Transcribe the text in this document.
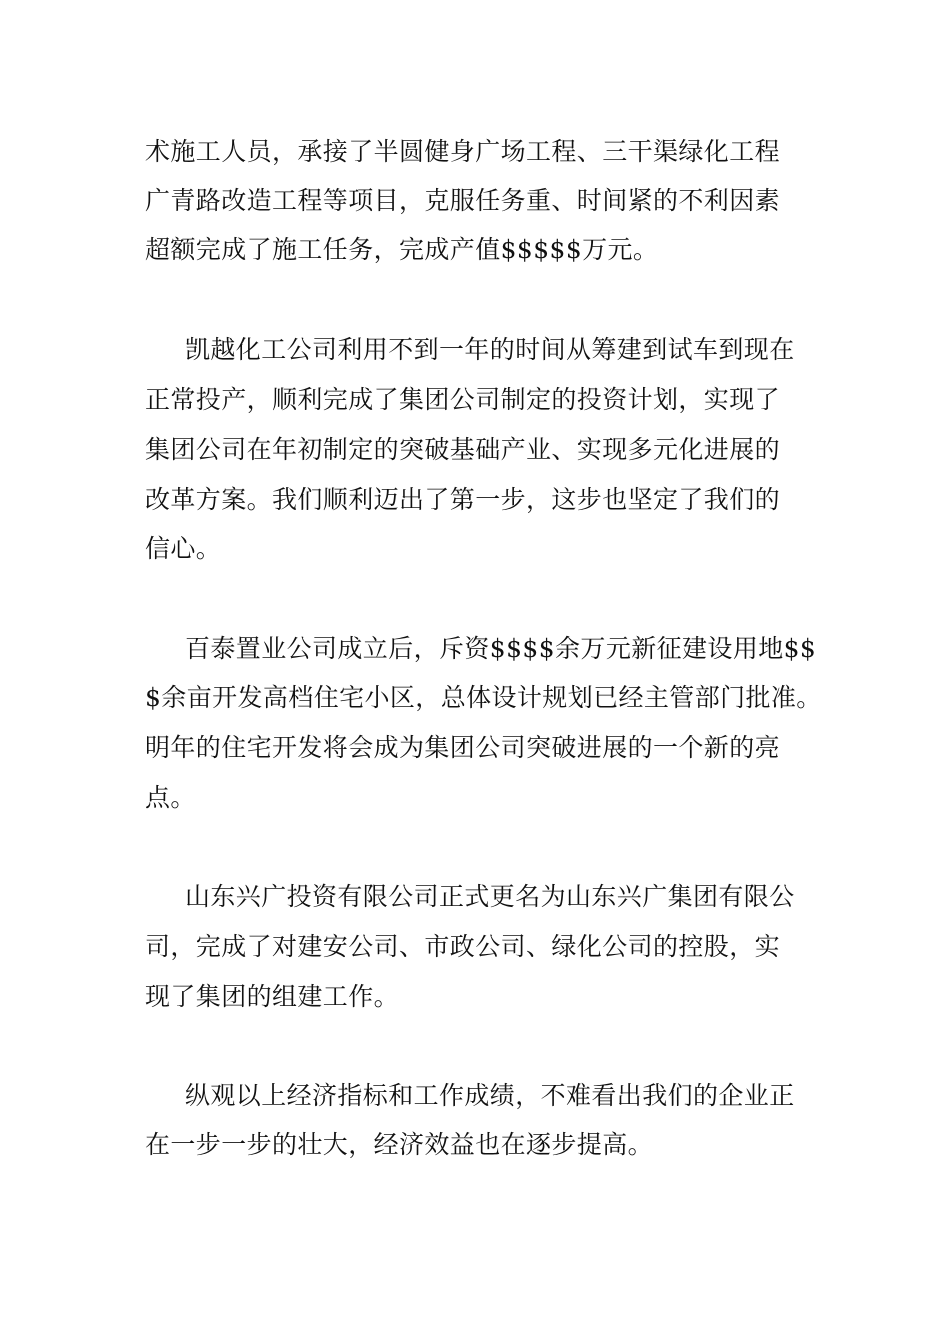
术施工人员，承接了半圆健身广场工程、三干渠绿化工程
广青路改造工程等项目，克服任务重、时间紧的不利因素
超额完成了施工任务，完成产值$$$$$万元。
凯越化工公司利用不到一年的时间从筹建到试车到现在
正常投产，顺利完成了集团公司制定的投资计划，实现了
集团公司在年初制定的突破基础产业、实现多元化进展的
改革方案。我们顺利迈出了第一步，这步也坚定了我们的
信心。
百泰置业公司成立后，斥资$$$$余万元新征建设用地$$
$余亩开发高档住宅小区，总体设计规划已经主管部门批准。
明年的住宅开发将会成为集团公司突破进展的一个新的亮
点。
山东兴广投资有限公司正式更名为山东兴广集团有限公
司，完成了对建安公司、市政公司、绿化公司的控股，实
现了集团的组建工作。
纵观以上经济指标和工作成绩，不难看出我们的企业正
在一步一步的壮大，经济效益也在逐步提高。
